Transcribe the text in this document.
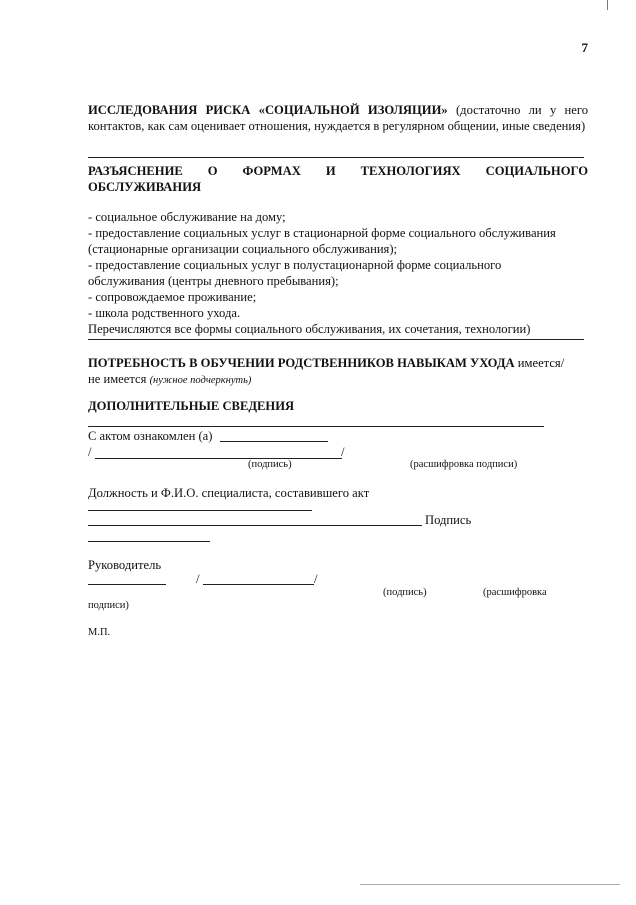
7
ИССЛЕДОВАНИЯ РИСКА «СОЦИАЛЬНОЙ ИЗОЛЯЦИИ» (достаточно ли у него контактов, как сам оценивает отношения, нуждается в регулярном общении, иные сведения)
РАЗЪЯСНЕНИЕ О ФОРМАХ И ТЕХНОЛОГИЯХ СОЦИАЛЬНОГО
ОБСЛУЖИВАНИЯ
- социальное обслуживание на дому;
- предоставление социальных услуг в стационарной форме социального обслуживания (стационарные организации социального обслуживания);
- предоставление социальных услуг в полустационарной форме социального обслуживания (центры дневного пребывания);
- сопровождаемое проживание;
- школа родственного ухода.
Перечисляются все формы социального обслуживания, их сочетания, технологии)
ПОТРЕБНОСТЬ В ОБУЧЕНИИ РОДСТВЕННИКОВ НАВЫКАМ УХОДА имеется/
не имеется (нужное подчеркнуть)
ДОПОЛНИТЕЛЬНЫЕ СВЕДЕНИЯ
С актом ознакомлен (а)
/	/
(подпись)	(расшифровка подписи)
Должность и Ф.И.О. специалиста, составившего акт
Подпись
Руководитель
/	/
(подпись)	(расшифровка
подписи)
М.П.
